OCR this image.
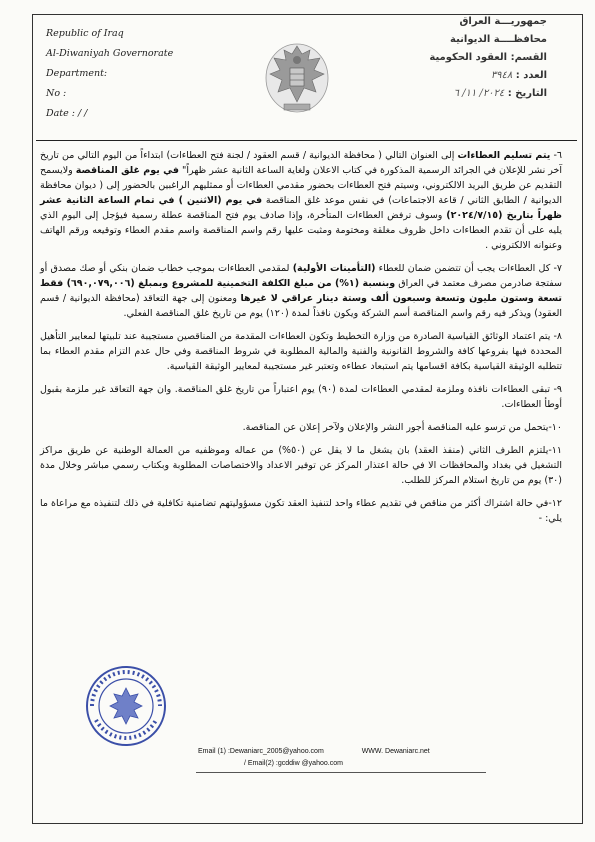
Republic of Iraq
Al-Diwaniyah Governorate
Department:
No :
Date : / /
جمهوريـــة العراق
محافظــــة الديوانية
القسم: العقود الحكومية
العدد : ٣٩٤٨
التاريخ : ٢٠٢٤/ ١١/ ٦

٦- يتم تسليم العطاءات إلى العنوان التالي ( محافظة الديوانية / قسم العقود / لجنة فتح العطاءات) ابتداءاً من اليوم التالي من تاريخ آخر نشر للإعلان في الجرائد الرسمية المذكورة في كتاب الاعلان ولغاية الساعة الثانية عشر ظهراً" في يوم غلق المناقصة ولايسمح التقديم عن طريق البريد الالكتروني، وسيتم فتح العطاءات بحضور مقدمي العطاءات أو ممثليهم الراغبين بالحضور إلى ( ديوان محافظة الديوانية / الطابق الثاني / قاعة الاجتماعات) في نفس موعد غلق المناقصة في يوم (الاثنين ) في تمام الساعة الثانية عشر ظهراً بتاريخ (٢٠٢٤/٧/١٥) وسوف ترفض العطاءات المتأخرة، وإذا صادف يوم فتح المناقصة عطلة رسمية فيؤجل إلى اليوم الذي يليه على أن تقدم العطاءات داخل ظروف مغلقة ومختومة ومثبت عليها رقم واسم المناقصة واسم مقدم العطاء وتوقيعه ورقم الهاتف وعنوانه الالكتروني .

٧- كل العطاءات يجب أن تتضمن ضمان للعطاء (التأمينات الأولية) لمقدمي العطاءات بموجب خطاب ضمان بنكي أو صك مصدق أو سفتجة صادرمن مصرف معتمد في العراق وبنسبة (١%) من مبلغ الكلفة التخمينية للمشروع وبمبلغ (٦٩٠,٠٧٩,٠٠٦) فقط تسعة وستون مليون وتسعة وسبعون ألف وستة دينار عراقي لا غيرها ومعنون إلى جهة التعاقد (محافظة الديوانية / قسم العقود) ويذكر فيه رقم واسم المناقصة أسم الشركة ويكون نافذاً لمدة (١٢٠) يوم من تاريخ غلق المناقصة الفعلي.

٨- يتم اعتماد الوثائق القياسية الصادرة من وزارة التخطيط وتكون العطاءات المقدمة من المناقصين مستجيبة عند تلبيتها لمعايير التأهيل المحددة فيها بفروعها كافة والشروط القانونية والفنية والمالية المطلوبة في شروط المناقصة وفي حال عدم التزام مقدم العطاء بما تتطلبه الوثيقة القياسية بكافة اقسامها يتم استبعاد عطاءه وتعتبر غير مستجيبة لمعايير الوثيقة القياسية.

٩- تبقى العطاءات نافذة وملزمة لمقدمي العطاءات لمدة (٩٠) يوم اعتباراً من تاريخ غلق المناقصة. وان جهة التعاقد غير ملزمة بقبول أوطأ العطاءات.

١٠-يتحمل من ترسو عليه المناقصة أجور النشر والإعلان ولآخر إعلان عن المناقصة.

١١-يلتزم الطرف الثاني (منفذ العقد) بان يشغل ما لا يقل عن (٥٠%) من عماله وموظفيه من العمالة الوطنية عن طريق مراكز التشغيل في بغداد والمحافظات الا في حالة اعتذار المركز عن توفير الاعداد والاختصاصات المطلوبة وبكتاب رسمي مباشر وخلال مدة (٣٠) يوم من تاريخ استلام المركز للطلب.

١٢-في حالة اشتراك أكثر من مناقص في تقديم عطاء واحد لتنفيذ العقد تكون مسؤوليتهم تضامنية تكافلية في ذلك لتنفيذه مع مراعاة ما يلي: -

Email (1) :Dewaniarc_2005@yahoo.com	WWW. Dewaniarc.net
/ Email(2) :gcddiw @yahoo.com
